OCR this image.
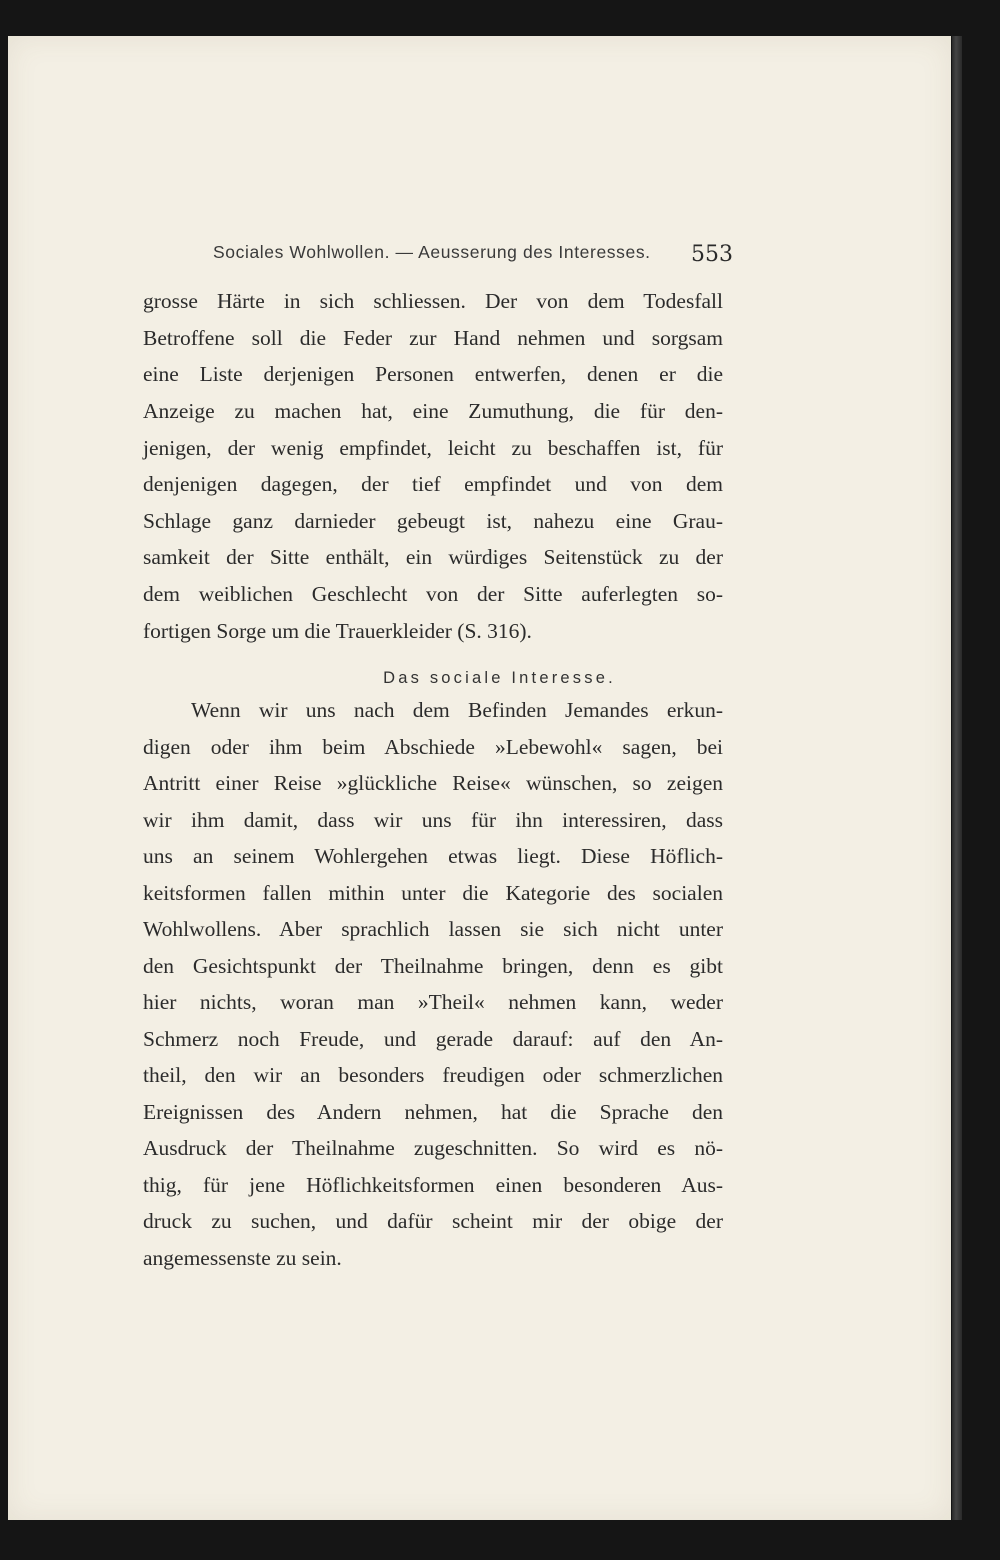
Sociales Wohlwollen. — Aeusserung des Interesses. 553
grosse Härte in sich schliessen. Der von dem Todesfall
Betroffene soll die Feder zur Hand nehmen und sorgsam
eine Liste derjenigen Personen entwerfen, denen er die
Anzeige zu machen hat, eine Zumuthung, die für den-
jenigen, der wenig empfindet, leicht zu beschaffen ist, für
denjenigen dagegen, der tief empfindet und von dem
Schlage ganz darnieder gebeugt ist, nahezu eine Grau-
samkeit der Sitte enthält, ein würdiges Seitenstück zu der
dem weiblichen Geschlecht von der Sitte auferlegten so-
fortigen Sorge um die Trauerkleider (S. 316).
Das sociale Interesse.
Wenn wir uns nach dem Befinden Jemandes erkun-
digen oder ihm beim Abschiede »Lebewohl« sagen, bei
Antritt einer Reise »glückliche Reise« wünschen, so zeigen
wir ihm damit, dass wir uns für ihn interessiren, dass
uns an seinem Wohlergehen etwas liegt. Diese Höflich-
keitsformen fallen mithin unter die Kategorie des socialen
Wohlwollens. Aber sprachlich lassen sie sich nicht unter
den Gesichtspunkt der Theilnahme bringen, denn es gibt
hier nichts, woran man »Theil« nehmen kann, weder
Schmerz noch Freude, und gerade darauf: auf den An-
theil, den wir an besonders freudigen oder schmerzlichen
Ereignissen des Andern nehmen, hat die Sprache den
Ausdruck der Theilnahme zugeschnitten. So wird es nö-
thig, für jene Höflichkeitsformen einen besonderen Aus-
druck zu suchen, und dafür scheint mir der obige der
angemessenste zu sein.
